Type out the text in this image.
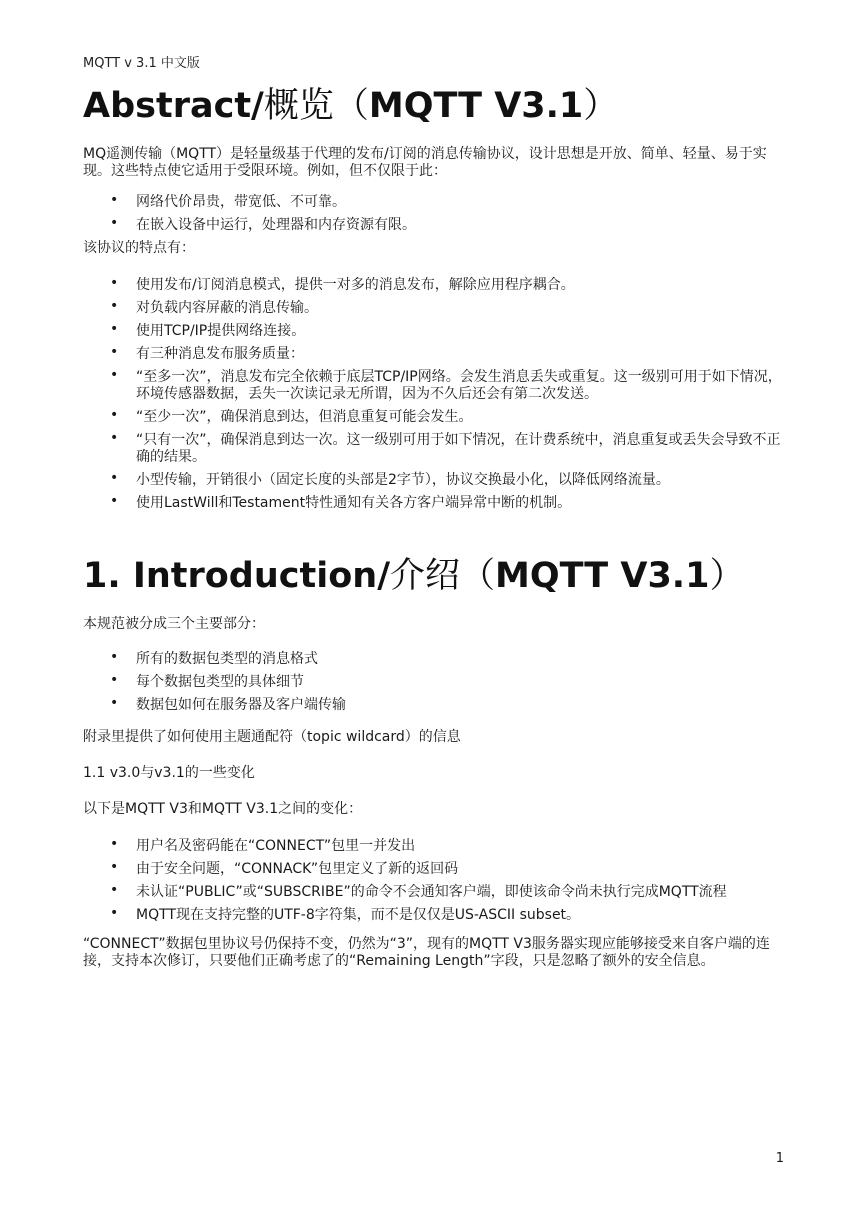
MQTT v 3.1 中文版
Abstract/概览（MQTT V3.1）

MQ遥测传输（MQTT）是轻量级基于代理的发布/订阅的消息传输协议，设计思想是开放、简单、轻量、易于实现。这些特点使它适用于受限环境。例如，但不仅限于此：

• 网络代价昂贵，带宽低、不可靠。
• 在嵌入设备中运行，处理器和内存资源有限。

该协议的特点有：

• 使用发布/订阅消息模式，提供一对多的消息发布，解除应用程序耦合。
• 对负载内容屏蔽的消息传输。
• 使用TCP/IP提供网络连接。
• 有三种消息发布服务质量：
• “至多一次”，消息发布完全依赖于底层TCP/IP网络。会发生消息丢失或重复。这一级别可用于如下情况，环境传感器数据，丢失一次读记录无所谓，因为不久后还会有第二次发送。
• “至少一次”，确保消息到达，但消息重复可能会发生。
• “只有一次”，确保消息到达一次。这一级别可用于如下情况，在计费系统中，消息重复或丢失会导致不正确的结果。
• 小型传输，开销很小（固定长度的头部是2字节），协议交换最小化，以降低网络流量。
• 使用LastWill和Testament特性通知有关各方客户端异常中断的机制。
1. Introduction/介绍（MQTT V3.1）

本规范被分成三个主要部分：

• 所有的数据包类型的消息格式
• 每个数据包类型的具体细节
• 数据包如何在服务器及客户端传输

附录里提供了如何使用主题通配符（topic wildcard）的信息

1.1 v3.0与v3.1的一些变化

以下是MQTT V3和MQTT V3.1之间的变化：

• 用户名及密码能在“CONNECT”包里一并发出
• 由于安全问题，“CONNACK”包里定义了新的返回码
• 未认证“PUBLIC”或“SUBSCRIBE”的命令不会通知客户端，即使该命令尚未执行完成MQTT流程
• MQTT现在支持完整的UTF-8字符集，而不是仅仅是US-ASCII subset。

“CONNECT”数据包里协议号仍保持不变，仍然为“3”，现有的MQTT V3服务器实现应能够接受来自客户端的连接，支持本次修订，只要他们正确考虑了的“Remaining Length”字段，只是忽略了额外的安全信息。

1
